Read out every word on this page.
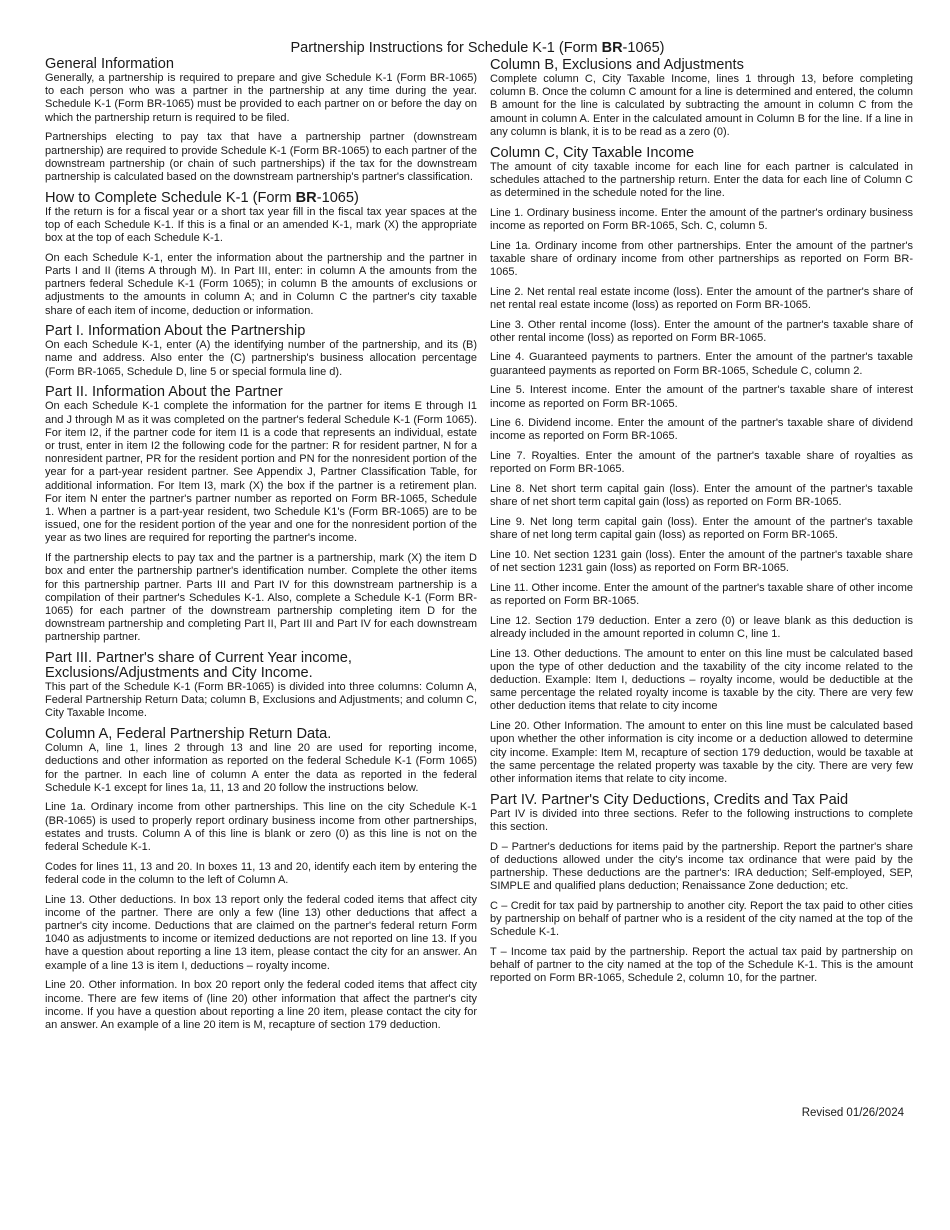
Partnership Instructions for Schedule K-1 (Form BR-1065)
General Information

Generally, a partnership is required to prepare and give Schedule K-1 (Form BR-1065) to each person who was a partner in the partnership at any time during the year. Schedule K-1 (Form BR-1065) must be provided to each partner on or before the day on which the partnership return is required to be filed.

Partnerships electing to pay tax that have a partnership partner (downstream partnership) are required to provide Schedule K-1 (Form BR-1065) to each partner of the downstream partnership (or chain of such partnerships) if the tax for the downstream partnership is calculated based on the downstream partnership's partner's classification.

How to Complete Schedule K-1 (Form BR-1065)

If the return is for a fiscal year or a short tax year fill in the fiscal tax year spaces at the top of each Schedule K-1. If this is a final or an amended K-1, mark (X) the appropriate box at the top of each Schedule K-1.

On each Schedule K-1, enter the information about the partnership and the partner in Parts I and II (items A through M). In Part III, enter: in column A the amounts from the partners federal Schedule K-1 (Form 1065); in column B the amounts of exclusions or adjustments to the amounts in column A; and in Column C the partner's city taxable share of each item of income, deduction or information.

Part I. Information About the Partnership

On each Schedule K-1, enter (A) the identifying number of the partnership, and its (B) name and address. Also enter the (C) partnership's business allocation percentage (Form BR-1065, Schedule D, line 5 or special formula line d).

Part II. Information About the Partner

On each Schedule K-1 complete the information for the partner for items E through I1 and J through M as it was completed on the partner's federal Schedule K-1 (Form 1065). For item I2, if the partner code for item I1 is a code that represents an individual, estate or trust, enter in item I2 the following code for the partner: R for resident partner, N for a nonresident partner, PR for the resident portion and PN for the nonresident portion of the year for a part-year resident partner. See Appendix J, Partner Classification Table, for additional information. For Item I3, mark (X) the box if the partner is a retirement plan. For item N enter the partner's partner number as reported on Form BR-1065, Schedule 1. When a partner is a part-year resident, two Schedule K1's (Form BR-1065) are to be issued, one for the resident portion of the year and one for the nonresident portion of the year as two lines are required for reporting the partner's income.

If the partnership elects to pay tax and the partner is a partnership, mark (X) the item D box and enter the partnership partner's identification number. Complete the other items for this partnership partner. Parts III and Part IV for this downstream partnership is a compilation of their partner's Schedules K-1. Also, complete a Schedule K-1 (Form BR-1065) for each partner of the downstream partnership completing item D for the downstream partnership and completing Part II, Part III and Part IV for each downstream partnership partner.

Part III. Partner's share of Current Year income, Exclusions/Adjustments and City Income.

This part of the Schedule K-1 (Form BR-1065) is divided into three columns: Column A, Federal Partnership Return Data; column B, Exclusions and Adjustments; and column C, City Taxable Income.

Column A, Federal Partnership Return Data.

Column A, line 1, lines 2 through 13 and line 20 are used for reporting income, deductions and other information as reported on the federal Schedule K-1 (Form 1065) for the partner. In each line of column A enter the data as reported in the federal Schedule K-1 except for lines 1a, 11, 13 and 20 follow the instructions below.

Line 1a. Ordinary income from other partnerships. This line on the city Schedule K-1 (BR-1065) is used to properly report ordinary business income from other partnerships, estates and trusts. Column A of this line is blank or zero (0) as this line is not on the federal Schedule K-1.

Codes for lines 11, 13 and 20. In boxes 11, 13 and 20, identify each item by entering the federal code in the column to the left of Column A.

Line 13. Other deductions. In box 13 report only the federal coded items that affect city income of the partner. There are only a few (line 13) other deductions that affect a partner's city income. Deductions that are claimed on the partner's federal return Form 1040 as adjustments to income or itemized deductions are not reported on line 13. If you have a question about reporting a line 13 item, please contact the city for an answer. An example of a line 13 is item I, deductions – royalty income.

Line 20. Other information. In box 20 report only the federal coded items that affect city income. There are few items of (line 20) other information that affect the partner's city income. If you have a question about reporting a line 20 item, please contact the city for an answer. An example of a line 20 item is M, recapture of section 179 deduction.

Column B, Exclusions and Adjustments

Complete column C, City Taxable Income, lines 1 through 13, before completing column B. Once the column C amount for a line is determined and entered, the column B amount for the line is calculated by subtracting the amount in column C from the amount in column A. Enter in the calculated amount in Column B for the line. If a line in any column is blank, it is to be read as a zero (0).

Column C, City Taxable Income

The amount of city taxable income for each line for each partner is calculated in schedules attached to the partnership return. Enter the data for each line of Column C as determined in the schedule noted for the line.

Line 1. Ordinary business income. Enter the amount of the partner's ordinary business income as reported on Form BR-1065, Sch. C, column 5.

Line 1a. Ordinary income from other partnerships. Enter the amount of the partner's taxable share of ordinary income from other partnerships as reported on Form BR-1065.

Line 2. Net rental real estate income (loss). Enter the amount of the partner's share of net rental real estate income (loss) as reported on Form BR-1065.

Line 3. Other rental income (loss). Enter the amount of the partner's taxable share of other rental income (loss) as reported on Form BR-1065.

Line 4. Guaranteed payments to partners. Enter the amount of the partner's taxable guaranteed payments as reported on Form BR-1065, Schedule C, column 2.

Line 5. Interest income. Enter the amount of the partner's taxable share of interest income as reported on Form BR-1065.

Line 6. Dividend income. Enter the amount of the partner's taxable share of dividend income as reported on Form BR-1065.

Line 7. Royalties. Enter the amount of the partner's taxable share of royalties as reported on Form BR-1065.

Line 8. Net short term capital gain (loss). Enter the amount of the partner's taxable share of net short term capital gain (loss) as reported on Form BR-1065.

Line 9. Net long term capital gain (loss). Enter the amount of the partner's taxable share of net long term capital gain (loss) as reported on Form BR-1065.

Line 10. Net section 1231 gain (loss). Enter the amount of the partner's taxable share of net section 1231 gain (loss) as reported on Form BR-1065.

Line 11. Other income. Enter the amount of the partner's taxable share of other income as reported on Form BR-1065.

Line 12. Section 179 deduction. Enter a zero (0) or leave blank as this deduction is already included in the amount reported in column C, line 1.

Line 13. Other deductions. The amount to enter on this line must be calculated based upon the type of other deduction and the taxability of the city income related to the deduction. Example: Item I, deductions – royalty income, would be deductible at the same percentage the related royalty income is taxable by the city. There are very few other deduction items that relate to city income

Line 20. Other Information. The amount to enter on this line must be calculated based upon whether the other information is city income or a deduction allowed to determine city income. Example: Item M, recapture of section 179 deduction, would be taxable at the same percentage the related property was taxable by the city. There are very few other information items that relate to city income.

Part IV. Partner's City Deductions, Credits and Tax Paid

Part IV is divided into three sections. Refer to the following instructions to complete this section.

D – Partner's deductions for items paid by the partnership. Report the partner's share of deductions allowed under the city's income tax ordinance that were paid by the partnership. These deductions are the partner's: IRA deduction; Self-employed, SEP, SIMPLE and qualified plans deduction; Renaissance Zone deduction; etc.

C – Credit for tax paid by partnership to another city. Report the tax paid to other cities by partnership on behalf of partner who is a resident of the city named at the top of the Schedule K-1.

T – Income tax paid by the partnership. Report the actual tax paid by partnership on behalf of partner to the city named at the top of the Schedule K-1. This is the amount reported on Form BR-1065, Schedule 2, column 10, for the partner.

Revised 01/26/2024
